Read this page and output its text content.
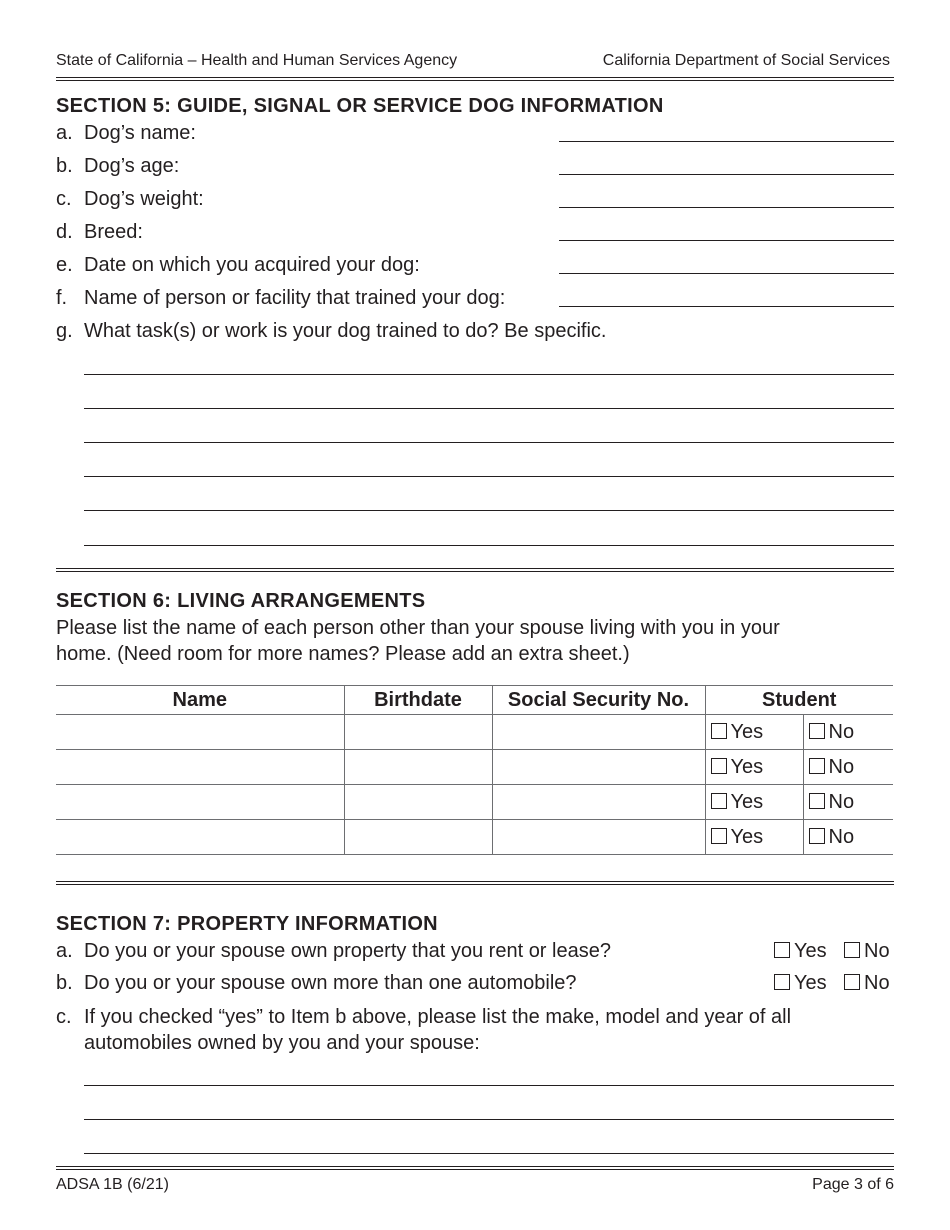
State of California – Health and Human Services Agency	California Department of Social Services
SECTION 5: GUIDE, SIGNAL OR SERVICE DOG INFORMATION
a. Dog’s name:
b. Dog’s age:
c. Dog’s weight:
d. Breed:
e. Date on which you acquired your dog:
f. Name of person or facility that trained your dog:
g. What task(s) or work is your dog trained to do? Be specific.
SECTION 6: LIVING ARRANGEMENTS
Please list the name of each person other than your spouse living with you in your
home. (Need room for more names? Please add an extra sheet.)
Name	Birthdate	Social Security No.	Student	
			Yes	No
			Yes	No
			Yes	No
			Yes	No
SECTION 7: PROPERTY INFORMATION
a. Do you or your spouse own property that you rent or lease?	Yes	No
b. Do you or your spouse own more than one automobile?	Yes	No
c. If you checked “yes” to Item b above, please list the make, model and year of all
automobiles owned by you and your spouse:
ADSA 1B (6/21)	Page 3 of 6
